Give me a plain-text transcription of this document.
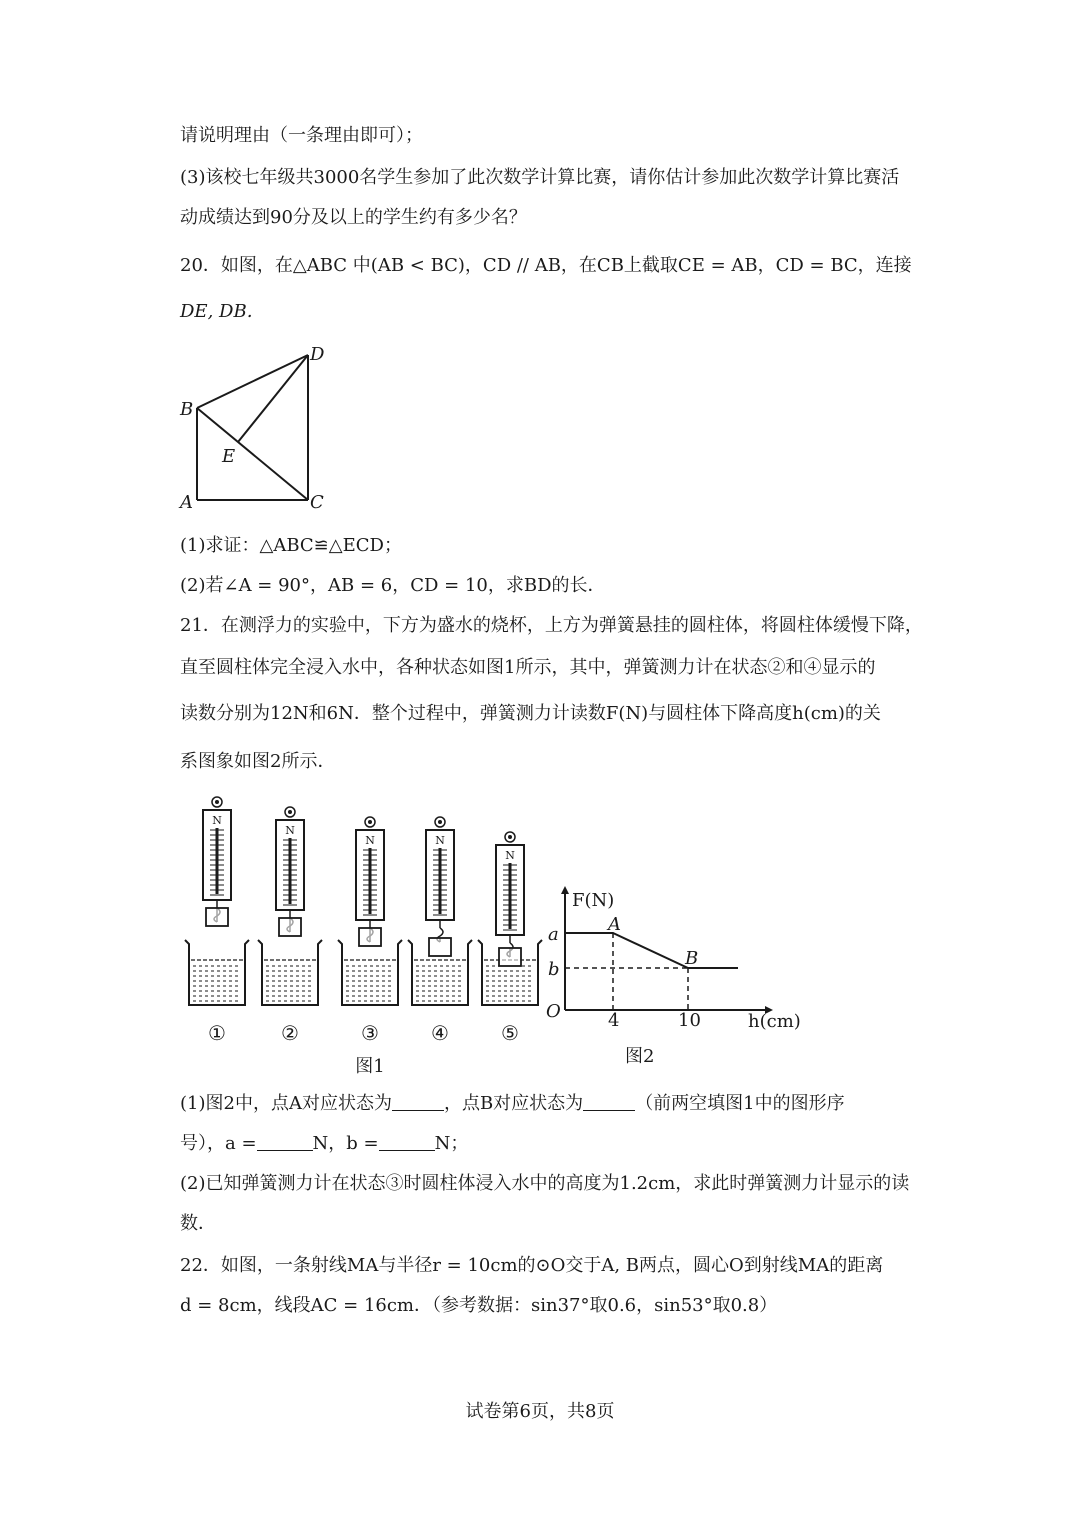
请说明理由（一条理由即可）；
(3)该校七年级共3000名学生参加了此次数学计算比赛，请你估计参加此次数学计算比赛活
动成绩达到90分及以上的学生约有多少名？
20．如图，在△ABC 中(AB < BC)，CD // AB，在CB上截取CE = AB，CD = BC，连接
DE, DB．
B
A	C
D
E
(1)求证：△ABC≌△ECD；
(2)若∠A = 90°，AB = 6，CD = 10，求BD的长．
21．在测浮力的实验中，下方为盛水的烧杯，上方为弹簧悬挂的圆柱体，将圆柱体缓慢下降，
直至圆柱体完全浸入水中，各种状态如图1所示，其中，弹簧测力计在状态②和④显示的
读数分别为12N和6N．整个过程中，弹簧测力计读数F(N)与圆柱体下降高度h(cm)的关
系图象如图2所示．
N
①
N
②
N
③
N
④
N
⑤
图1
F(N)
h(cm)
O
a
b
4	10
A
B
图2
(1)图2中，点A对应状态为	，点B对应状态为	（前两空填图1中的图形序
号），a =	N，b =	N；
(2)已知弹簧测力计在状态③时圆柱体浸入水中的高度为1.2cm，求此时弹簧测力计显示的读
数．
22．如图，一条射线MA与半径r = 10cm的⊙O交于A, B两点，圆心O到射线MA的距离
d = 8cm，线段AC = 16cm．（参考数据：sin37°取0.6，sin53°取0.8）
试卷第6页，共8页
